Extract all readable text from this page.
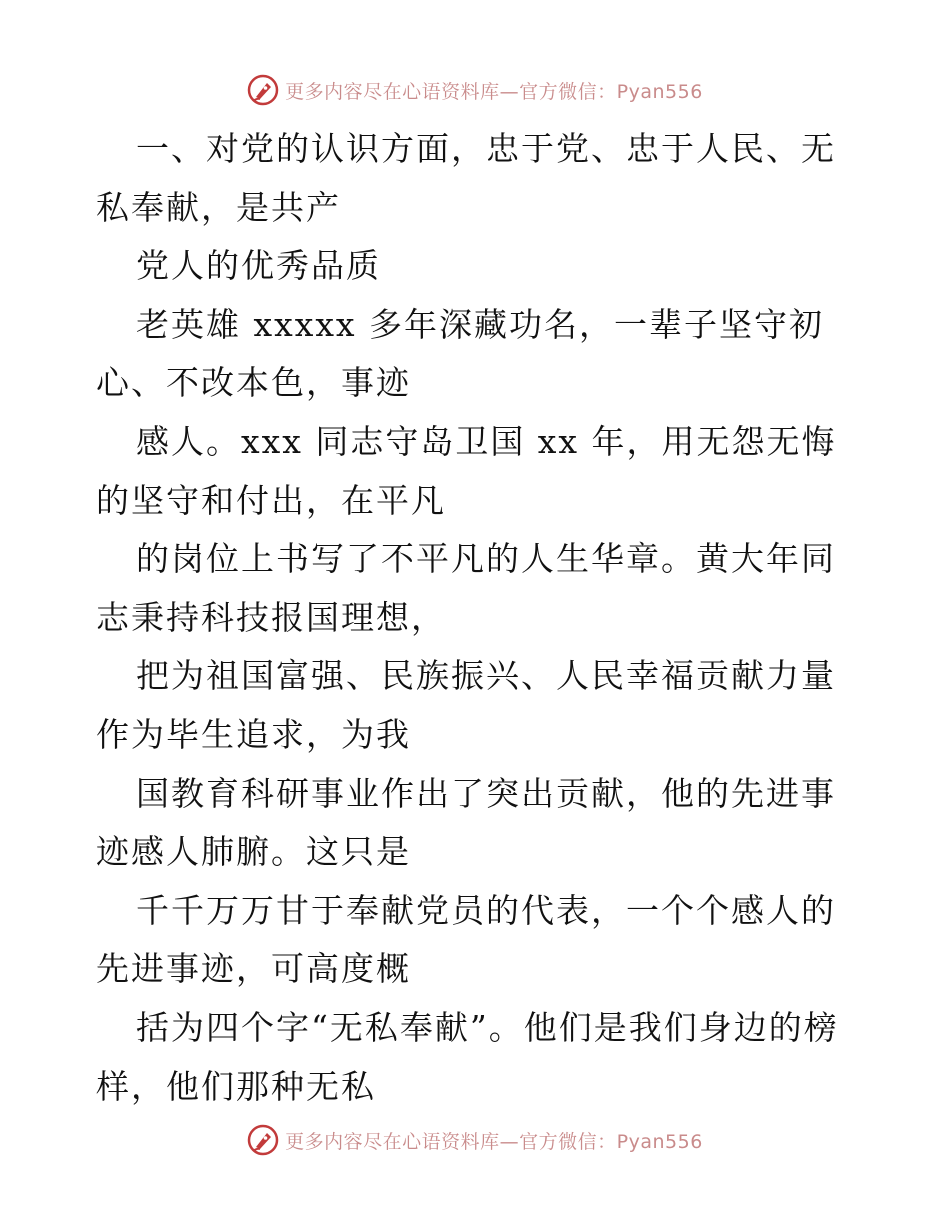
更多内容尽在心语资料库—官方微信：Pyan556

一、对党的认识方面，忠于党、忠于人民、无私奉献，是共产

党人的优秀品质

老英雄 xxxxx 多年深藏功名，一辈子坚守初心、不改本色，事迹

感人。xxx 同志守岛卫国 xx 年，用无怨无悔的坚守和付出，在平凡

的岗位上书写了不平凡的人生华章。黄大年同志秉持科技报国理想，

把为祖国富强、民族振兴、人民幸福贡献力量作为毕生追求，为我

国教育科研事业作出了突出贡献，他的先进事迹感人肺腑。这只是

千千万万甘于奉献党员的代表，一个个感人的先进事迹，可高度概

括为四个字“无私奉献”。他们是我们身边的榜样，他们那种无私

更多内容尽在心语资料库—官方微信：Pyan556
